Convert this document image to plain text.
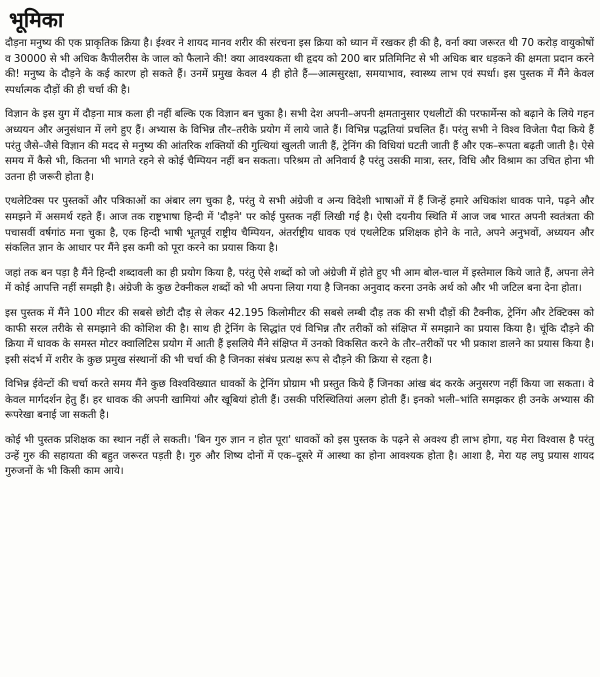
भूमिका

दौड़ना मनुष्य की एक प्राकृतिक क्रिया है। ईश्वर ने शायद मानव शरीर की संरचना इस क्रिया को ध्यान में रखकर ही की है, वर्ना क्या जरूरत थी 70 करोड़ वायुकोषों व 30000 से भी अधिक कैपीलरीस के जाल को फैलाने की! क्या आवश्यकता थी हृदय को 200 बार प्रतिमिनिट से भी अधिक बार धड़कने की क्षमता प्रदान करने की! मनुष्य के दौड़ने के कई कारण हो सकते हैं। उनमें प्रमुख केवल 4 ही होते हैं—आत्मसुरक्षा, समयाभाव, स्वास्थ्य लाभ एवं स्पर्धा। इस पुस्तक में मैंने केवल स्पर्धात्मक दौड़ों की ही चर्चा की है।

विज्ञान के इस युग में दौड़ना मात्र कला ही नहीं बल्कि एक विज्ञान बन चुका है। सभी देश अपनी–अपनी क्षमतानुसार एथलीटों की परफार्मेन्स को बढ़ाने के लिये गहन अध्ययन और अनुसंधान में लगे हुए हैं। अभ्यास के विभिन्न तौर–तरीके प्रयोग में लाये जाते हैं। विभिन्न पद्धतियां प्रचलित हैं। परंतु सभी ने विश्व विजेता पैदा किये हैं परंतु जैसे–जैसे विज्ञान की मदद से मनुष्य की आंतरिक शक्तियों की गुत्थियां खुलती जाती हैं, ट्रेनिंग की विधियां घटती जाती हैं और एक–रूपता बढ़ती जाती है। ऐसे समय में कैसे भी, कितना भी भागते रहने से कोई चैम्पियन नहीं बन सकता। परिश्रम तो अनिवार्य है परंतु उसकी मात्रा, स्तर, विधि और विश्राम का उचित होना भी उतना ही जरूरी होता है।

एथलेटिक्स पर पुस्तकों और पत्रिकाओं का अंबार लग चुका है, परंतु ये सभी अंग्रेजी व अन्य विदेशी भाषाओं में हैं जिन्हें हमारे अधिकांश धावक पाने, पढ़ने और समझने में असमर्थ रहते हैं। आज तक राष्ट्रभाषा हिन्दी में 'दौड़ने' पर कोई पुस्तक नहीं लिखी गई है। ऐसी दयनीय स्थिति में आज जब भारत अपनी स्वतंत्रता की पचासवीं वर्षगांठ मना चुका है, एक हिन्दी भाषी भूतपूर्व राष्ट्रीय चैम्पियन, अंतर्राष्ट्रीय धावक एवं एथलेटिक प्रशिक्षक होने के नाते, अपने अनुभवों, अध्ययन और संकलित ज्ञान के आधार पर मैंने इस कमी को पूरा करने का प्रयास किया है।

जहां तक बन पड़ा है मैंने हिन्दी शब्दावली का ही प्रयोग किया है, परंतु ऐसे शब्दों को जो अंग्रेजी में होते हुए भी आम बोल-चाल में इस्तेमाल किये जाते हैं, अपना लेने में कोई आपत्ति नहीं समझी है। अंग्रेजी के कुछ टेक्नीकल शब्दों को भी अपना लिया गया है जिनका अनुवाद करना उनके अर्थ को और भी जटिल बना देना होता।

इस पुस्तक में मैंने 100 मीटर की सबसे छोटी दौड़ से लेकर 42.195 किलोमीटर की सबसे लम्बी दौड़ तक की सभी दौड़ों की टैक्नीक, ट्रेनिंग और टेक्टिक्स को काफी सरल तरीके से समझाने की कोशिश की है। साथ ही ट्रेनिंग के सिद्धांत एवं विभिन्न तौर तरीकों को संक्षिप्त में समझाने का प्रयास किया है। चूंकि दौड़ने की क्रिया में धावक के समस्त मोटर क्वालिटिस प्रयोग में आती हैं इसलिये मैंने संक्षिप्त में उनको विकसित करने के तौर–तरीकों पर भी प्रकाश डालने का प्रयास किया है। इसी संदर्भ में शरीर के कुछ प्रमुख संस्थानों की भी चर्चा की है जिनका संबंध प्रत्यक्ष रूप से दौड़ने की क्रिया से रहता है।

विभिन्न ईवेन्टों की चर्चा करते समय मैंने कुछ विश्वविख्यात धावकों के ट्रेनिंग प्रोग्राम भी प्रस्तुत किये हैं जिनका आंख बंद करके अनुसरण नहीं किया जा सकता। वे केवल मार्गदर्शन हेतु हैं। हर धावक की अपनी खामियां और खूबियां होती हैं। उसकी परिस्थितियां अलग होती हैं। इनको भली–भांति समझकर ही उनके अभ्यास की रूपरेखा बनाई जा सकती है।

कोई भी पुस्तक प्रशिक्षक का स्थान नहीं ले सकती। 'बिन गुरु ज्ञान न होत पूरा' धावकों को इस पुस्तक के पढ़ने से अवश्य ही लाभ होगा, यह मेरा विश्वास है परंतु उन्हें गुरु की सहायता की बहुत जरूरत पड़ती है। गुरु और शिष्य दोनों में एक–दूसरे में आस्था का होना आवश्यक होता है। आशा है, मेरा यह लघु प्रयास शायद गुरुजनों के भी किसी काम आये।
